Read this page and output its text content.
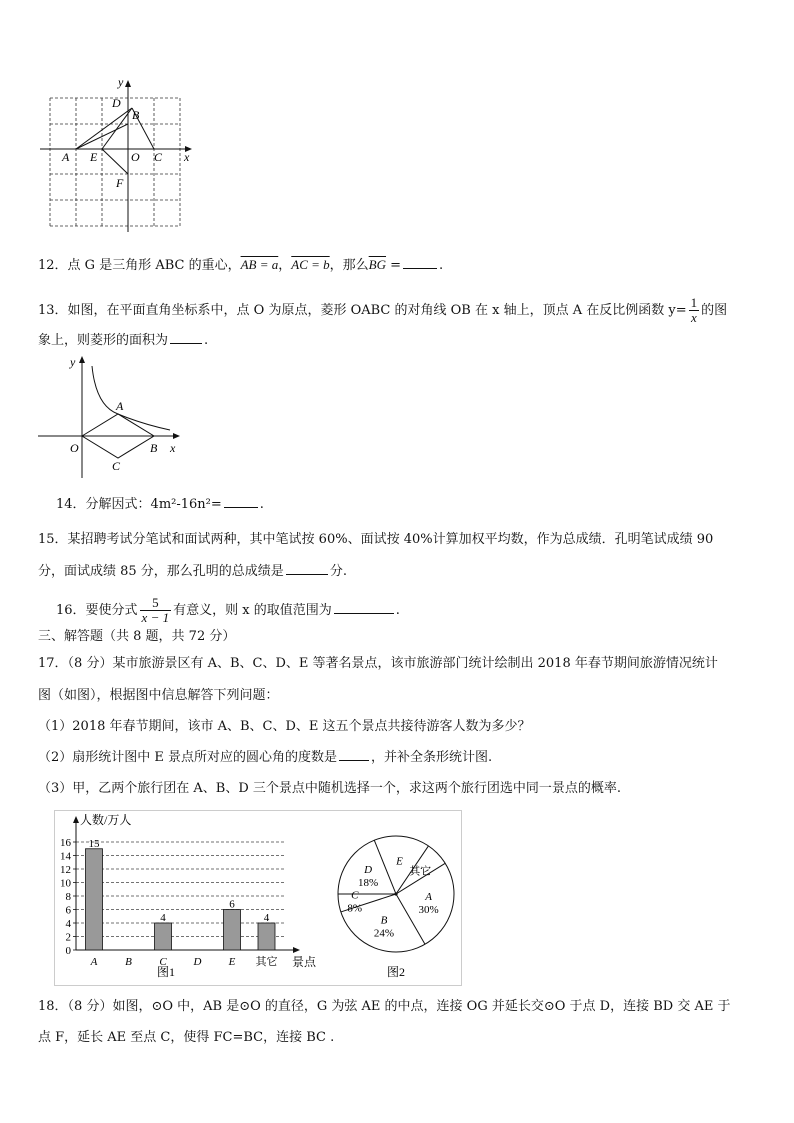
y
x
D
B
A E	O C
F
12．点 G 是三角形 ABC 的重心，AB = a，AC = b，那么$\overline{BG}$ =	.
13．如图，在平面直角坐标系中，点 O 为原点，菱形 OABC 的对角线 OB 在 x 轴上，顶点 A 在反比例函数 $y= \frac{1}{x}$ 的图
象上，则菱形的面积为	.
y
x
O
A
B
C
14．分解因式：4m²-16n²=	.
15．某招聘考试分笔试和面试两种，其中笔试按 60%、面试按 40%计算加权平均数，作为总成绩．孔明笔试成绩 90
分，面试成绩 85 分，那么孔明的总成绩是	分.
16．要使分式 $\frac{5}{x - 1}$ 有意义，则 x 的取值范围为	.
三、解答题（共 8 题，共 72 分）
17．（8 分）某市旅游景区有 A、B、C、D、E 等著名景点，该市旅游部门统计绘制出 2018 年春节期间旅游情况统计
图（如图），根据图中信息解答下列问题：
（1）2018 年春节期间，该市 A、B、C、D、E 这五个景点共接待游客人数为多少？
（2）扇形统计图中 E 景点所对应的圆心角的度数是	，并补全条形统计图.
（3）甲，乙两个旅行团在 A、B、D 三个景点中随机选择一个，求这两个旅行团选中同一景点的概率.
0
2
4
6
8
10
12
14
16
人数/万人
景点
15
A	B
4
C D
6
E
4
其它
图1
D
18%
E
其它
A
30%
B
24%
C
8%
图2
18．（8 分）如图，⊙O 中，AB 是⊙O 的直径，G 为弦 AE 的中点，连接 OG 并延长交⊙O 于点 D，连接 BD 交 AE 于
点 F，延长 AE 至点 C，使得 FC=BC，连接 BC .
